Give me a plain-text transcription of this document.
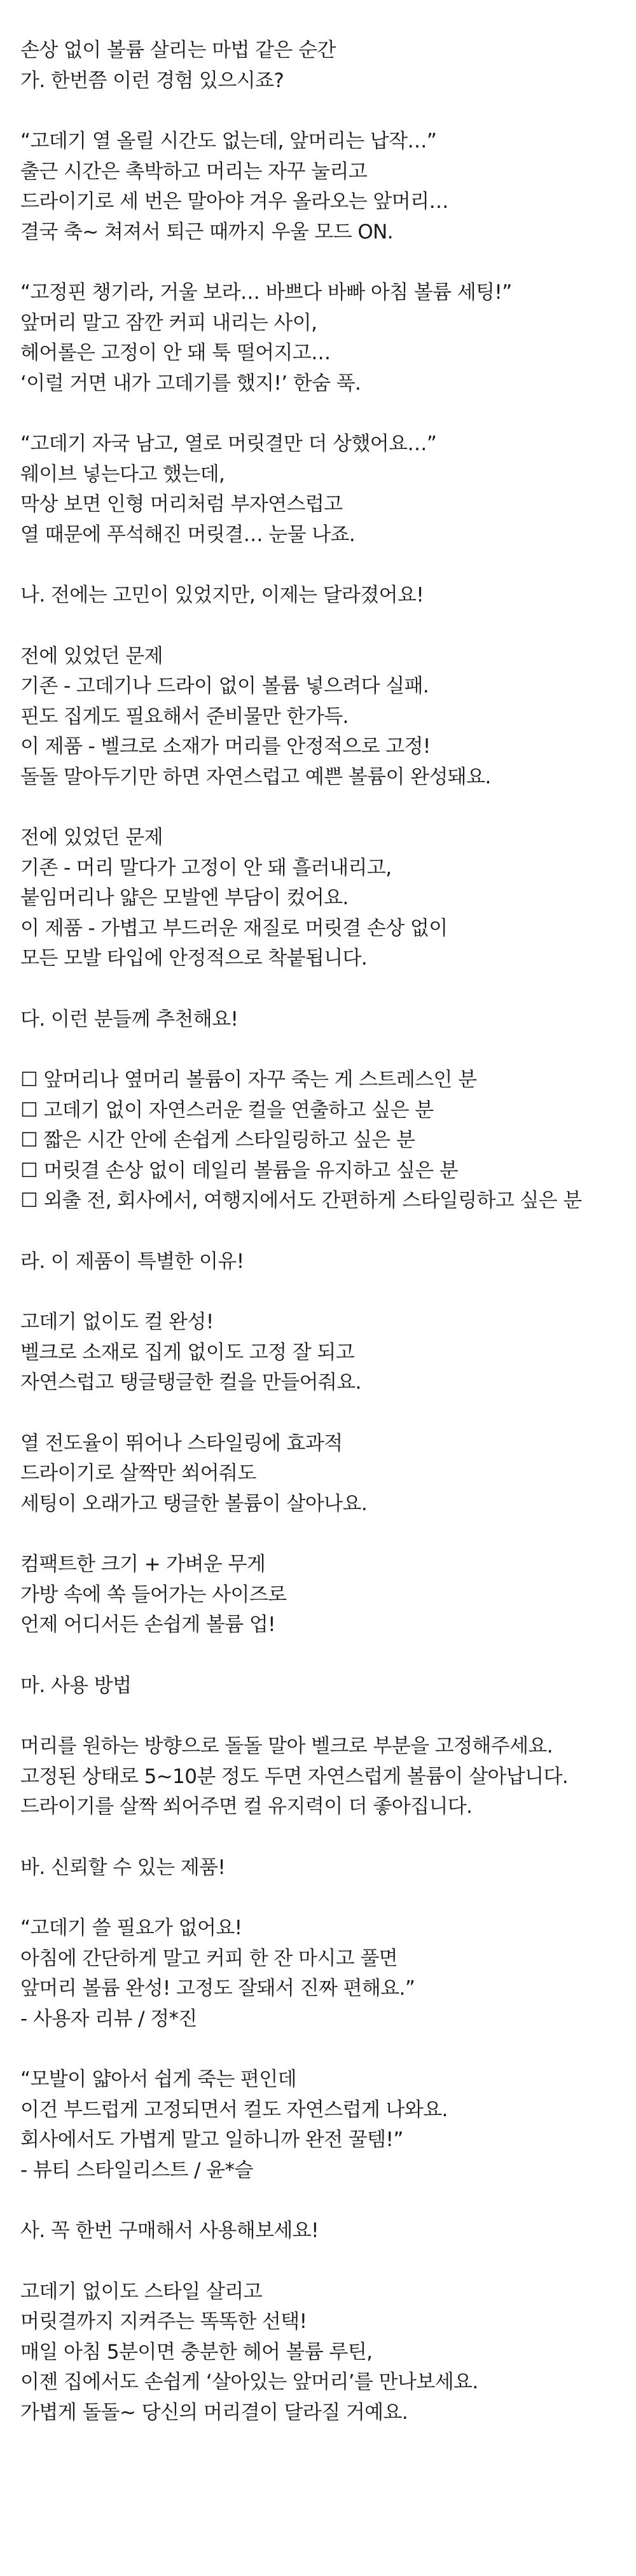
손상 없이 볼륨 살리는 마법 같은 순간
가. 한번쯤 이런 경험 있으시죠?
“고데기 열 올릴 시간도 없는데, 앞머리는 납작…”
출근 시간은 촉박하고 머리는 자꾸 눌리고
드라이기로 세 번은 말아야 겨우 올라오는 앞머리…
결국 축~ 쳐져서 퇴근 때까지 우울 모드 ON.
“고정핀 챙기라, 거울 보라… 바쁘다 바빠 아침 볼륨 세팅!”
앞머리 말고 잠깐 커피 내리는 사이,
헤어롤은 고정이 안 돼 툭 떨어지고…
‘이럴 거면 내가 고데기를 했지!’ 한숨 푹.
“고데기 자국 남고, 열로 머릿결만 더 상했어요…”
웨이브 넣는다고 했는데,
막상 보면 인형 머리처럼 부자연스럽고
열 때문에 푸석해진 머릿결… 눈물 나죠.
나. 전에는 고민이 있었지만, 이제는 달라졌어요!
전에 있었던 문제
기존 - 고데기나 드라이 없이 볼륨 넣으려다 실패.
핀도 집게도 필요해서 준비물만 한가득.
이 제품 - 벨크로 소재가 머리를 안정적으로 고정!
돌돌 말아두기만 하면 자연스럽고 예쁜 볼륨이 완성돼요.
전에 있었던 문제
기존 - 머리 말다가 고정이 안 돼 흘러내리고,
붙임머리나 얇은 모발엔 부담이 컸어요.
이 제품 - 가볍고 부드러운 재질로 머릿결 손상 없이
모든 모발 타입에 안정적으로 착붙됩니다.
다. 이런 분들께 추천해요!
☐ 앞머리나 옆머리 볼륨이 자꾸 죽는 게 스트레스인 분
☐ 고데기 없이 자연스러운 컬을 연출하고 싶은 분
☐ 짧은 시간 안에 손쉽게 스타일링하고 싶은 분
☐ 머릿결 손상 없이 데일리 볼륨을 유지하고 싶은 분
☐ 외출 전, 회사에서, 여행지에서도 간편하게 스타일링하고 싶은 분
라. 이 제품이 특별한 이유!
고데기 없이도 컬 완성!
벨크로 소재로 집게 없이도 고정 잘 되고
자연스럽고 탱글탱글한 컬을 만들어줘요.
열 전도율이 뛰어나 스타일링에 효과적
드라이기로 살짝만 쐬어줘도
세팅이 오래가고 탱글한 볼륨이 살아나요.
컴팩트한 크기 + 가벼운 무게
가방 속에 쏙 들어가는 사이즈로
언제 어디서든 손쉽게 볼륨 업!
마. 사용 방법
머리를 원하는 방향으로 돌돌 말아 벨크로 부분을 고정해주세요.
고정된 상태로 5~10분 정도 두면 자연스럽게 볼륨이 살아납니다.
드라이기를 살짝 쐬어주면 컬 유지력이 더 좋아집니다.
바. 신뢰할 수 있는 제품!
“고데기 쓸 필요가 없어요!
아침에 간단하게 말고 커피 한 잔 마시고 풀면
앞머리 볼륨 완성! 고정도 잘돼서 진짜 편해요.”
- 사용자 리뷰 / 정*진
“모발이 얇아서 쉽게 죽는 편인데
이건 부드럽게 고정되면서 컬도 자연스럽게 나와요.
회사에서도 가볍게 말고 일하니까 완전 꿀템!”
- 뷰티 스타일리스트 / 윤*슬
사. 꼭 한번 구매해서 사용해보세요!
고데기 없이도 스타일 살리고
머릿결까지 지켜주는 똑똑한 선택!
매일 아침 5분이면 충분한 헤어 볼륨 루틴,
이젠 집에서도 손쉽게 ‘살아있는 앞머리’를 만나보세요.
가볍게 돌돌~ 당신의 머리결이 달라질 거예요.
